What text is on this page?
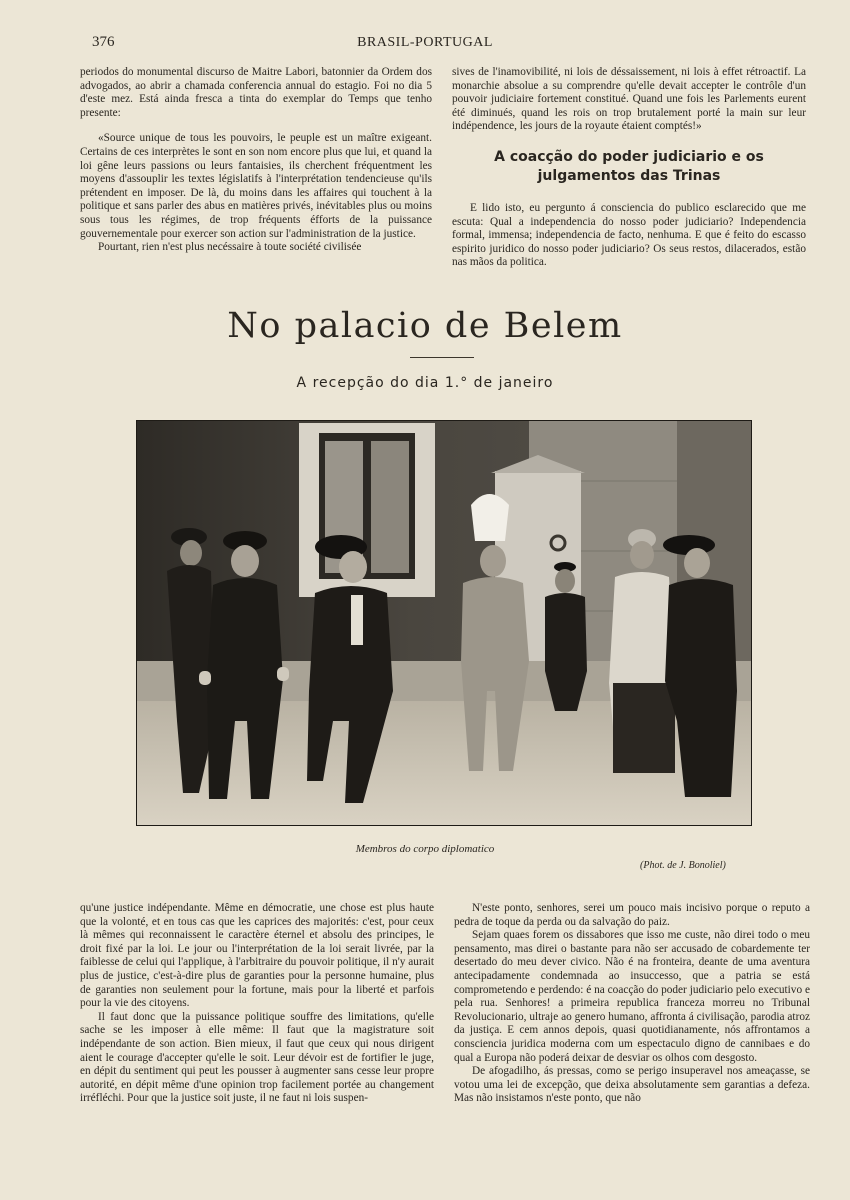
376	BRASIL-PORTUGAL

periodos do monumental discurso de Maitre Labori, batonnier da Ordem dos advogados, ao abrir a chamada conferencia annual do estagio. Foi no dia 5 d'este mez. Está ainda fresca a tinta do exemplar do Temps que tenho presente:

«Source unique de tous les pouvoirs, le peuple est un maître exigeant. Certains de ces interprètes le sont en son nom encore plus que lui, et quand la loi gêne leurs passions ou leurs fantaisies, ils cherchent fréquentment les moyens d'assouplir les textes législatifs à l'interprétation tendencieuse qu'ils prétendent en imposer. De là, du moins dans les affaires qui touchent à la politique et sans parler des abus en matières privés, inévitables plus ou moins sous tous les régimes, de trop fréquents éfforts de la puissance gouvernementale pour exercer son action sur l'administration de la justice.

Pourtant, rien n'est plus necéssaire à toute société civilisée

sives de l'inamovibilité, ni lois de déssaissement, ni lois à effet rétroactif. La monarchie absolue a su comprendre qu'elle devait accepter le contrôle d'un pouvoir judiciaire fortement constitué. Quand une fois les Parlements eurent été diminués, quand les rois on trop brutalement porté la main sur leur indépendence, les jours de la royaute étaient comptés!»

A coacção do poder judiciario e os julgamentos das Trinas

E lido isto, eu pergunto á consciencia do publico esclarecido que me escuta: Qual a independencia do nosso poder judiciario? Independencia formal, immensa; independencia de facto, nenhuma. E que é feito do escasso espirito juridico do nosso poder judiciario? Os seus restos, dilacerados, estão nas mãos da politica.

No palacio de Belem
A recepção do dia 1.° de janeiro
Membros do corpo diplomatico
(Phot. de J. Bonoliel)

qu'une justice indépendante. Même en démocratie, une chose est plus haute que la volonté, et en tous cas que les caprices des majorités: c'est, pour ceux là mêmes qui reconnaissent le caractère éternel et absolu des principes, le droit fixé par la loi. Le jour ou l'interprétation de la loi serait livrée, par la faiblesse de celui qui l'applique, à l'arbitraire du pouvoir politique, il n'y aurait plus de justice, c'est-à-dire plus de garanties pour la personne humaine, plus de garanties non seulement pour la fortune, mais pour la liberté et parfois pour la vie des citoyens.

Il faut donc que la puissance politique souffre des limitations, qu'elle sache se les imposer à elle même: Il faut que la magistrature soit indépendante de son action. Bien mieux, il faut que ceux qui nous dirigent aient le courage d'accepter qu'elle le soit. Leur dévoir est de fortifier le juge, en dépit du sentiment qui peut les pousser à augmenter sans cesse leur propre autorité, en dépit même d'une opinion trop facilement portée au changement irréfléchi. Pour que la justice soit juste, il ne faut ni lois suspen-

N'este ponto, senhores, serei um pouco mais incisivo porque o reputo a pedra de toque da perda ou da salvação do paiz.

Sejam quaes forem os dissabores que isso me custe, não direi todo o meu pensamento, mas direi o bastante para não ser accusado de cobardemente ter desertado do meu dever civico. Não é na fronteira, deante de uma aventura antecipadamente condemnada ao insuccesso, que a patria se está comprometendo e perdendo: é na coacção do poder judiciario pelo executivo e pela rua. Senhores! a primeira republica franceza morreu no Tribunal Revolucionario, ultraje ao genero humano, affronta á civilisação, parodia atroz da justiça. E cem annos depois, quasi quotidianamente, nós affrontamos a consciencia juridica moderna com um espectaculo digno de cannibaes e do qual a Europa não poderá deixar de desviar os olhos com desgosto.

De afogadilho, ás pressas, como se perigo insuperavel nos ameaçasse, se votou uma lei de excepção, que deixa absolutamente sem garantias a defeza. Mas não insistamos n'este ponto, que não
